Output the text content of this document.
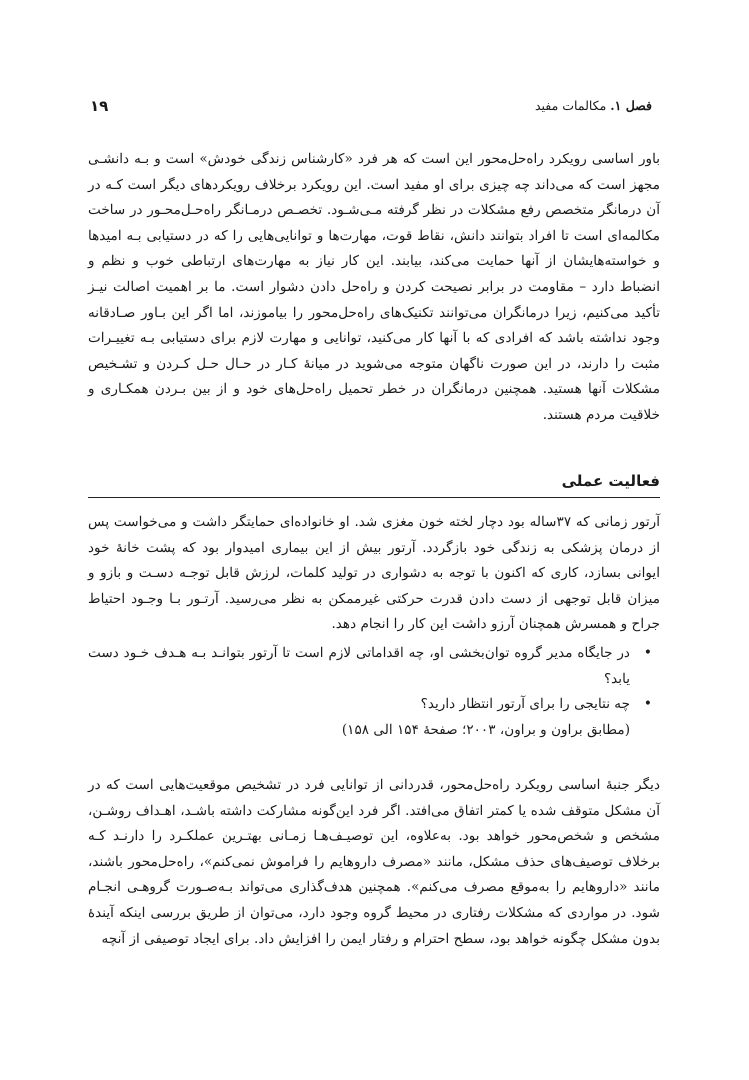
۱۹	فصل ۱. مکالمات مفید
باور اساسی رویکرد راه‌حل‌محور این است که هر فرد «کارشناس زندگی خودش» است و بـه دانشـی مجهز است که می‌داند چه چیزی برای او مفید است. این رویکرد برخلاف رویکردهای دیگر است کـه در آن درمانگر متخصص رفع مشکلات در نظر گرفته مـی‌شـود. تخصـص درمـانگر راه‌حـل‌محـور در ساخت مکالمه‌ای است تا افراد بتوانند دانش، نقاط قوت، مهارت‌ها و توانایی‌هایی را که در دستیابی بـه امیدها و خواسته‌هایشان از آنها حمایت می‌کند، بیابند. این کار نیاز به مهارت‌های ارتباطی خوب و نظم و انضباط دارد – مقاومت در برابر نصیحت کردن و راه‌حل دادن دشوار است. ما بر اهمیت اصالت نیـز تأکید می‌کنیم، زیرا درمانگران می‌توانند تکنیک‌های راه‌حل‌محور را بیاموزند، اما اگر این بـاور صـادقانه وجود نداشته باشد که افرادی که با آنها کار می‌کنید، توانایی و مهارت لازم برای دستیابی بـه تغییـرات مثبت را دارند، در این صورت ناگهان متوجه می‌شوید در میانهٔ کـار در حـال حـل کـردن و تشـخیص مشکلات آنها هستید. همچنین درمانگران در خطر تحمیل راه‌حل‌های خود و از بین بـردن همکـاری و خلاقیت مردم هستند.
فعالیت عملی
آرتور زمانی که ۳۷ساله بود دچار لخته خون مغزی شد. او خانواده‌ای حمایتگر داشت و می‌خواست پس از درمان پزشکی به زندگی خود بازگردد. آرتور بیش از این بیماری امیدوار بود که پشت خانهٔ خود ایوانی بسازد، کاری که اکنون با توجه به دشواری در تولید کلمات، لرزش قابل توجـه دسـت و بازو و میزان قابل توجهی از دست دادن قدرت حرکتی غیرممکن به نظر می‌رسید. آرتـور بـا وجـود احتیاط جراح و همسرش همچنان آرزو داشت این کار را انجام دهد.
•
در جایگاه مدیر گروه توان‌بخشی او، چه اقداماتی لازم است تا آرتور بتوانـد بـه هـدف خـود دست یابد؟
•
چه نتایجی را برای آرتور انتظار دارید؟
(مطابق براون و براون، ۲۰۰۳؛ صفحهٔ ۱۵۴ الی ۱۵۸)
دیگر جنبهٔ اساسی رویکرد راه‌حل‌محور، قدردانی از توانایی فرد در تشخیص موقعیت‌هایی است که در آن مشکل متوقف شده یا کمتر اتفاق می‌افتد. اگر فرد این‌گونه مشارکت داشته باشـد، اهـداف روشـن، مشخص و شخص‌محور خواهد بود. به‌علاوه، این توصیـف‌هـا زمـانی بهتـرین عملکـرد را دارنـد کـه برخلاف توصیف‌های حذف مشکل، مانند «مصرف داروهایم را فراموش نمی‌کنم»، راه‌حل‌محور باشند، مانند «داروهایم را به‌موقع مصرف می‌کنم». همچنین هدف‌گذاری می‌تواند بـه‌صـورت گروهـی انجـام شود. در مواردی که مشکلات رفتاری در محیط گروه وجود دارد، می‌توان از طریق بررسی اینکه آیندهٔ بدون مشکل چگونه خواهد بود، سطح احترام و رفتار ایمن را افزایش داد. برای ایجاد توصیفی از آنچه
